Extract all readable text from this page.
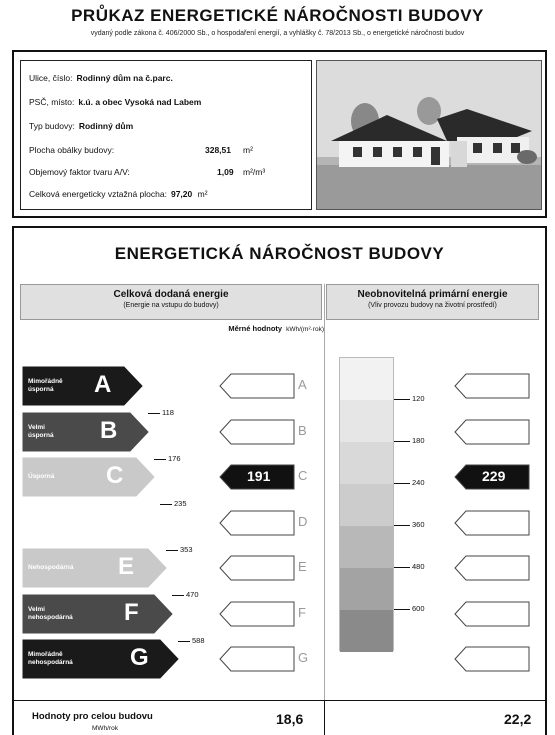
PRŮKAZ ENERGETICKÉ NÁROČNOSTI BUDOVY
vydaný podle zákona č. 406/2000 Sb., o hospodaření energií, a vyhlášky č. 78/2013 Sb., o energetické náročnosti budov
Ulice, číslo: Rodinný dům na č.parc.
PSČ, místo: k.ú. a obec Vysoká nad Labem
Typ budovy: Rodinný dům
Plocha obálky budovy:	328,51 m²
Objemový faktor tvaru A/V:	1,09 m²/m³
Celková energeticky vztažná plocha: 97,20 m²
ENERGETICKÁ NÁROČNOST BUDOVY
Celková dodaná energie
(Energie na vstupu do budovy)
Neobnovitelná primární energie
(Vliv provozu budovy na životní prostředí)
Měrné hodnoty kWh/(m²·rok)
Mimořádně
úsporná	A	A
Velmi
úsporná B	B
Úsporná C	191	229
C
D
Nehospodárná E	E
Velmi
nehospodárná F	F
Mimořádně
nehospodárná G	G
118
176
235
353
470
588
120
180
240
360
480
600
Hodnoty pro celou budovu
MWh/rok
18,6	22,2
